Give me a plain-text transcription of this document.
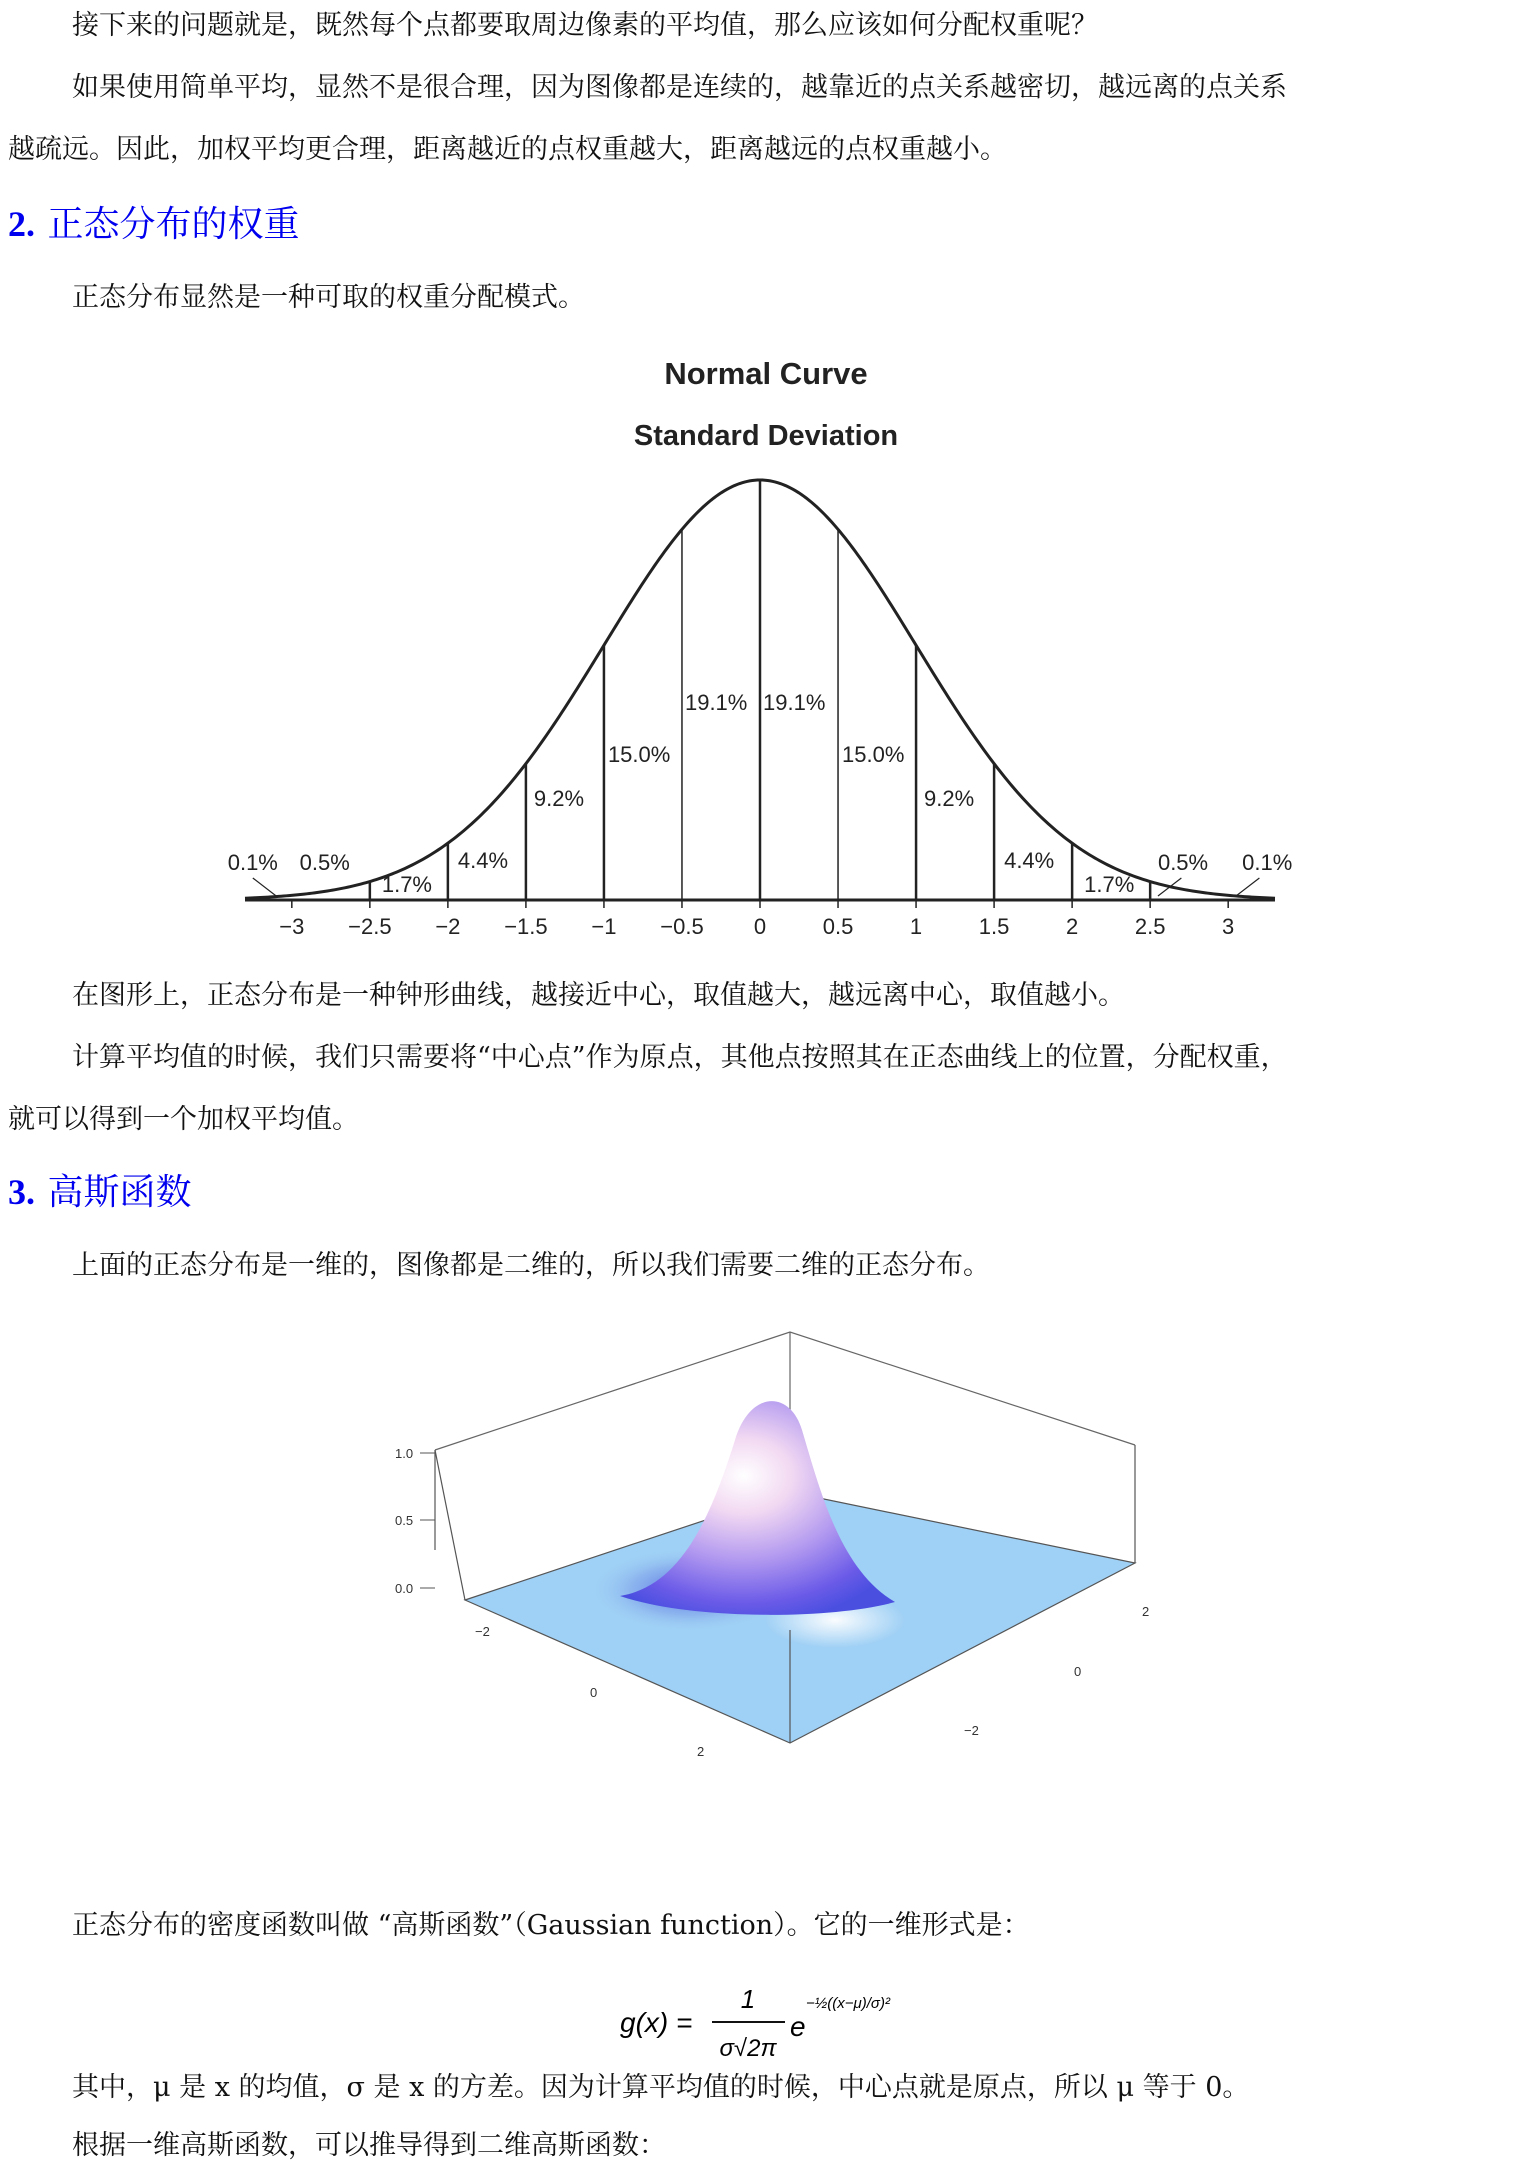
接下来的问题就是，既然每个点都要取周边像素的平均值，那么应该如何分配权重呢？

如果使用简单平均，显然不是很合理，因为图像都是连续的，越靠近的点关系越密切，越远离的点关系

越疏远。因此，加权平均更合理，距离越近的点权重越大，距离越远的点权重越小。

2. 正态分布的权重

正态分布显然是一种可取的权重分配模式。

Normal Curve
Standard Deviation
−3 −2.5 −2 −1.5 −1 −0.5 0	0.5	1	1.5	2	2.5	3
0.5%
1.7%
4.4%
9.2%
15.0%
19.1% 19.1%
15.0%
9.2%
4.4%
1.7%
0.5%
0.1%	0.1%

在图形上，正态分布是一种钟形曲线，越接近中心，取值越大，越远离中心，取值越小。

计算平均值的时候，我们只需要将“中心点”作为原点，其他点按照其在正态曲线上的位置，分配权重，

就可以得到一个加权平均值。

3. 高斯函数

上面的正态分布是一维的，图像都是二维的，所以我们需要二维的正态分布。

1.0
0.5
0.0
−2
0
2
0
−2
2

正态分布的密度函数叫做 “高斯函数”（Gaussian function）。它的一维形式是：

g(x) =
1
σ√2π
e
−½((x−μ)/σ)²

其中，μ 是 x 的均值，σ 是 x 的方差。因为计算平均值的时候，中心点就是原点，所以 μ 等于 0。

根据一维高斯函数，可以推导得到二维高斯函数：
